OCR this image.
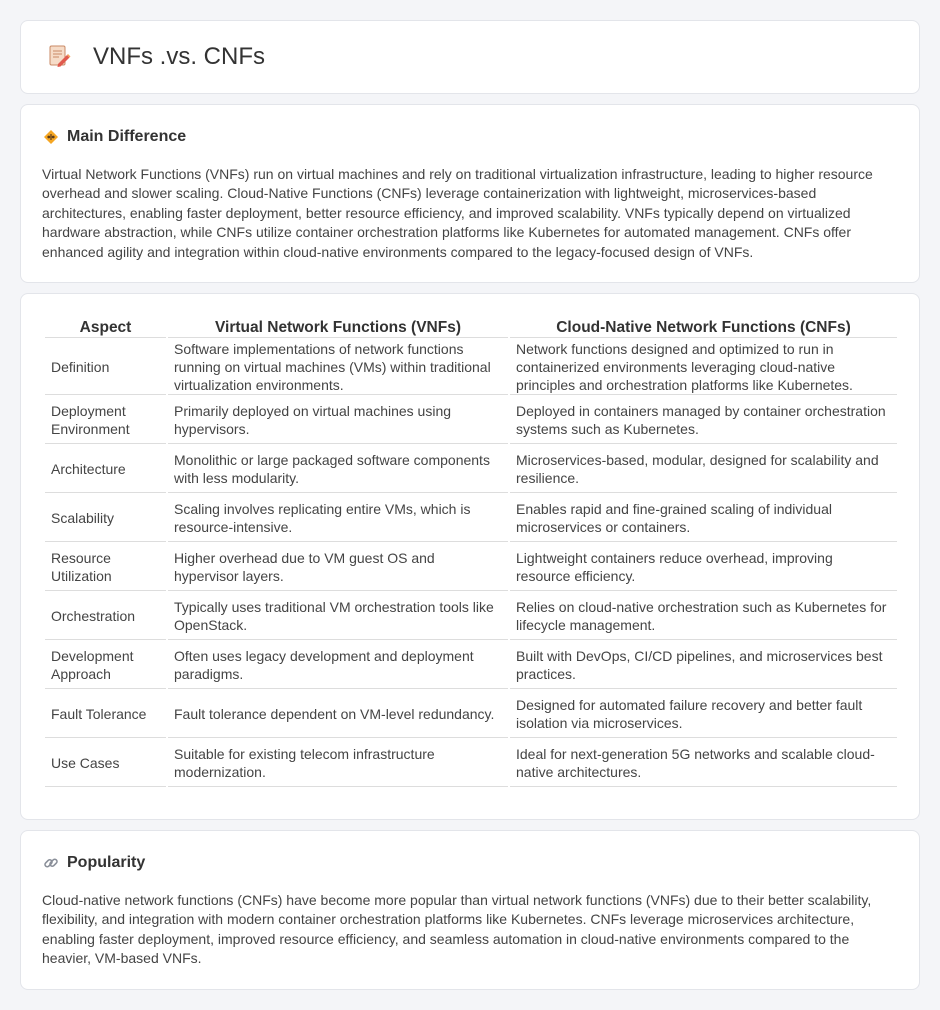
VNFs .vs. CNFs
Main Difference

Virtual Network Functions (VNFs) run on virtual machines and rely on traditional virtualization infrastructure, leading to higher resource overhead and slower scaling. Cloud-Native Functions (CNFs) leverage containerization with lightweight, microservices-based architectures, enabling faster deployment, better resource efficiency, and improved scalability. VNFs typically depend on virtualized hardware abstraction, while CNFs utilize container orchestration platforms like Kubernetes for automated management. CNFs offer enhanced agility and integration within cloud-native environments compared to the legacy-focused design of VNFs.

Aspect	Virtual Network Functions (VNFs)	Cloud-Native Network Functions (CNFs)
Definition	Software implementations of network functions running on virtual machines (VMs) within traditional virtualization environments.	Network functions designed and optimized to run in containerized environments leveraging cloud-native principles and orchestration platforms like Kubernetes.
Deployment Environment	Primarily deployed on virtual machines using hypervisors.	Deployed in containers managed by container orchestration systems such as Kubernetes.
Architecture	Monolithic or large packaged software components with less modularity.	Microservices-based, modular, designed for scalability and resilience.
Scalability	Scaling involves replicating entire VMs, which is resource-intensive.	Enables rapid and fine-grained scaling of individual microservices or containers.
Resource Utilization	Higher overhead due to VM guest OS and hypervisor layers.	Lightweight containers reduce overhead, improving resource efficiency.
Orchestration	Typically uses traditional VM orchestration tools like OpenStack.	Relies on cloud-native orchestration such as Kubernetes for lifecycle management.
Development Approach	Often uses legacy development and deployment paradigms.	Built with DevOps, CI/CD pipelines, and microservices best practices.
Fault Tolerance	Fault tolerance dependent on VM-level redundancy.	Designed for automated failure recovery and better fault isolation via microservices.
Use Cases	Suitable for existing telecom infrastructure modernization.	Ideal for next-generation 5G networks and scalable cloud-native architectures.
Popularity

Cloud-native network functions (CNFs) have become more popular than virtual network functions (VNFs) due to their better scalability, flexibility, and integration with modern container orchestration platforms like Kubernetes. CNFs leverage microservices architecture, enabling faster deployment, improved resource efficiency, and seamless automation in cloud-native environments compared to the heavier, VM-based VNFs.
